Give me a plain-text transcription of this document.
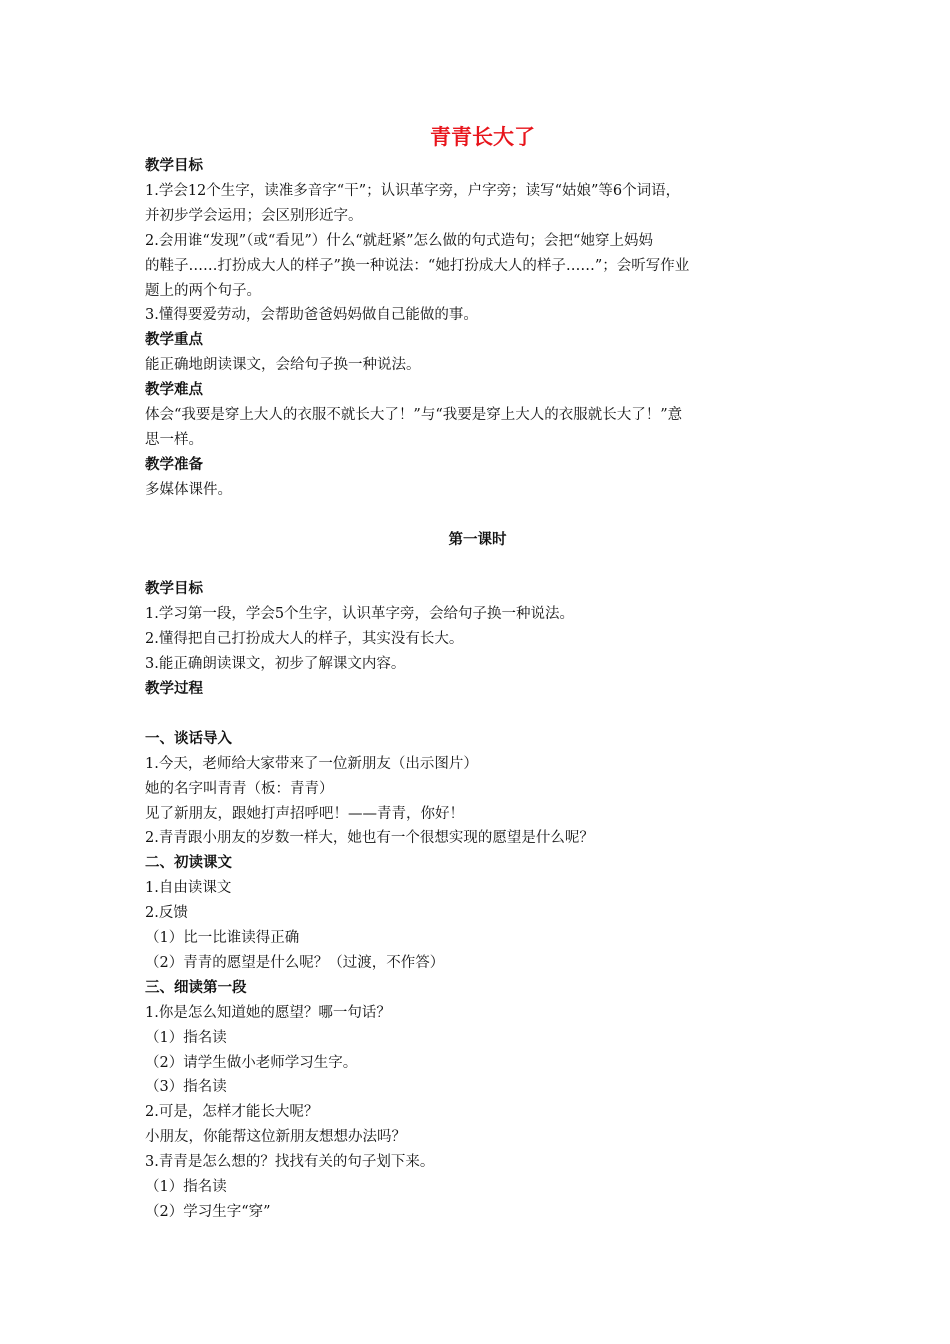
青青长大了
教学目标
1.学会12个生字，读准多音字“干”；认识革字旁，户字旁；读写“姑娘”等6个词语，
并初步学会运用；会区别形近字。
2.会用谁“发现”（或“看见”）什么“就赶紧”怎么做的句式造句；会把“她穿上妈妈
的鞋子……打扮成大人的样子”换一种说法：“她打扮成大人的样子……”；会听写作业
题上的两个句子。
3.懂得要爱劳动，会帮助爸爸妈妈做自己能做的事。
教学重点
能正确地朗读课文，会给句子换一种说法。
教学难点
体会“我要是穿上大人的衣服不就长大了！”与“我要是穿上大人的衣服就长大了！”意
思一样。
教学准备
多媒体课件。
第一课时
教学目标
1.学习第一段，学会5个生字，认识革字旁，会给句子换一种说法。
2.懂得把自己打扮成大人的样子，其实没有长大。
3.能正确朗读课文，初步了解课文内容。
教学过程
一、谈话导入
1.今天，老师给大家带来了一位新朋友（出示图片）
她的名字叫青青（板：青青）
见了新朋友，跟她打声招呼吧！——青青，你好！
2.青青跟小朋友的岁数一样大，她也有一个很想实现的愿望是什么呢？
二、初读课文
1.自由读课文
2.反馈
（1）比一比谁读得正确
（2）青青的愿望是什么呢？（过渡，不作答）
三、细读第一段
1.你是怎么知道她的愿望？哪一句话？
（1）指名读
（2）请学生做小老师学习生字。
（3）指名读
2.可是，怎样才能长大呢？
小朋友，你能帮这位新朋友想想办法吗？
3.青青是怎么想的？找找有关的句子划下来。
（1）指名读
（2）学习生字“穿”
